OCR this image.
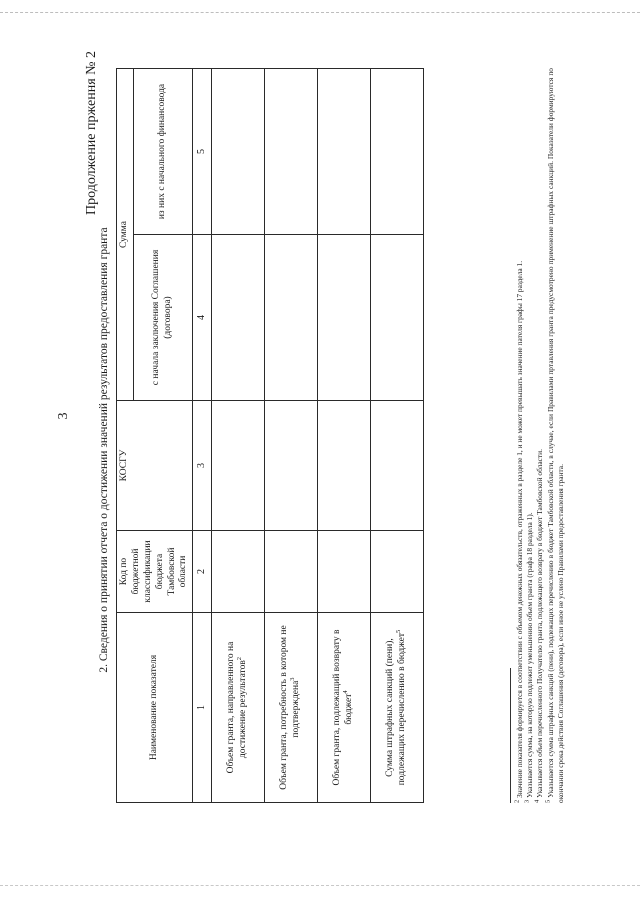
3
Продолжение прження № 2
2. Сведения о принятии отчета о достижении значений результатов предоставления гранта
Наименование показателя	Код по бюджетной классификации бюджета Тамбовской области	КОСГУ	Сумма	
			с начала заключения Соглашения (договора)	из них с начального финансовода
1	2	3	4	5
Объем гранта, направленного на достижение результатов$^2$				
Объем гранта, потребность в котором не подтверждена$^3$				
Объем гранта, подлежащий возврату в бюджет$^4$				
Сумма штрафных санкций (пени), подлежащих перечислению в бюджет$^5$				

$^2$ Значение показателя формируется в соответствии с объемом денежных обязательств, отраженных в разделе 1, и не может превышать значение пателя графы 17 раздела 1.

$^3$ Указывается сумма, на которую подлежит уменьшению объем гранта (графа 18 раздела 1).

$^4$ Указывается объем перечисленного Получателю гранта, подлежащего возврату в бюджет Тамбовской области.

$^5$ Указывается сумма штрафных санкций (пени), подлежащих перечислению в бюджет Тамбовской области, в случае, если Правилами пртавления гранта предусмотрено применение штрафных санкций. Показатели формируются по окончании срока действия Соглашения (договора), если иное не услено Правилами предоставления гранта.
